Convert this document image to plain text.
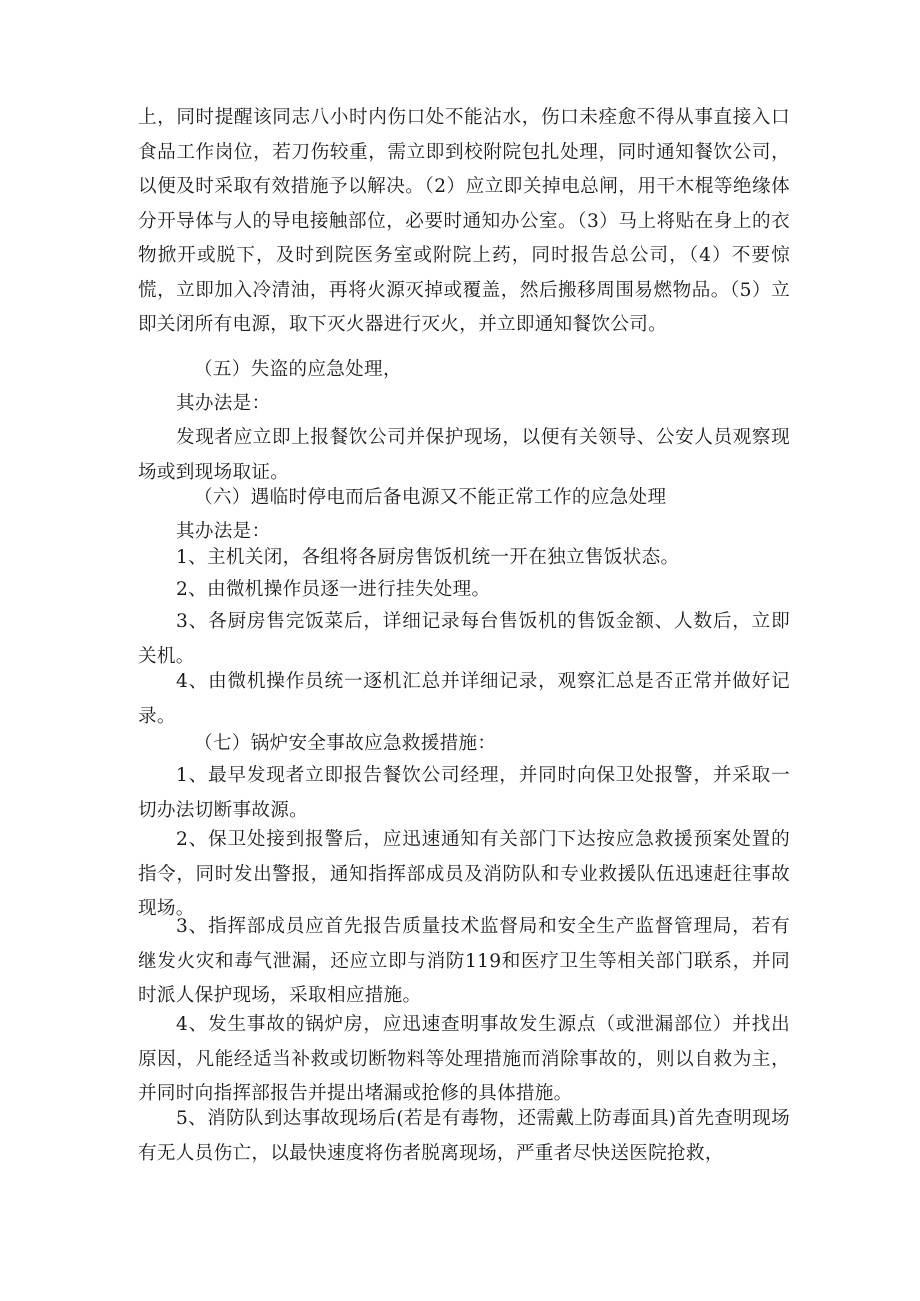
上，同时提醒该同志八小时内伤口处不能沾水，伤口未痊愈不得从事直接入口食品工作岗位，若刀伤较重，需立即到校附院包扎处理，同时通知餐饮公司，以便及时采取有效措施予以解决。（2）应立即关掉电总闸，用干木棍等绝缘体分开导体与人的导电接触部位，必要时通知办公室。（3）马上将贴在身上的衣物掀开或脱下，及时到院医务室或附院上药，同时报告总公司，（4）不要惊慌，立即加入冷清油，再将火源灭掉或覆盖，然后搬移周围易燃物品。（5）立即关闭所有电源，取下灭火器进行灭火，并立即通知餐饮公司。

（五）失盗的应急处理，

其办法是：

发现者应立即上报餐饮公司并保护现场，以便有关领导、公安人员观察现场或到现场取证。

（六）遇临时停电而后备电源又不能正常工作的应急处理

其办法是：

1、主机关闭，各组将各厨房售饭机统一开在独立售饭状态。

2、由微机操作员逐一进行挂失处理。

3、各厨房售完饭菜后，详细记录每台售饭机的售饭金额、人数后，立即关机。

4、由微机操作员统一逐机汇总并详细记录，观察汇总是否正常并做好记录。

（七）锅炉安全事故应急救援措施：

1、最早发现者立即报告餐饮公司经理，并同时向保卫处报警，并采取一切办法切断事故源。

2、保卫处接到报警后，应迅速通知有关部门下达按应急救援预案处置的指令，同时发出警报，通知指挥部成员及消防队和专业救援队伍迅速赶往事故现场。

3、指挥部成员应首先报告质量技术监督局和安全生产监督管理局，若有继发火灾和毒气泄漏，还应立即与消防119和医疗卫生等相关部门联系，并同时派人保护现场，采取相应措施。

4、发生事故的锅炉房，应迅速查明事故发生源点（或泄漏部位）并找出原因，凡能经适当补救或切断物料等处理措施而消除事故的，则以自救为主，并同时向指挥部报告并提出堵漏或抢修的具体措施。

5、消防队到达事故现场后(若是有毒物，还需戴上防毒面具)首先查明现场有无人员伤亡，以最快速度将伤者脱离现场，严重者尽快送医院抢救，
